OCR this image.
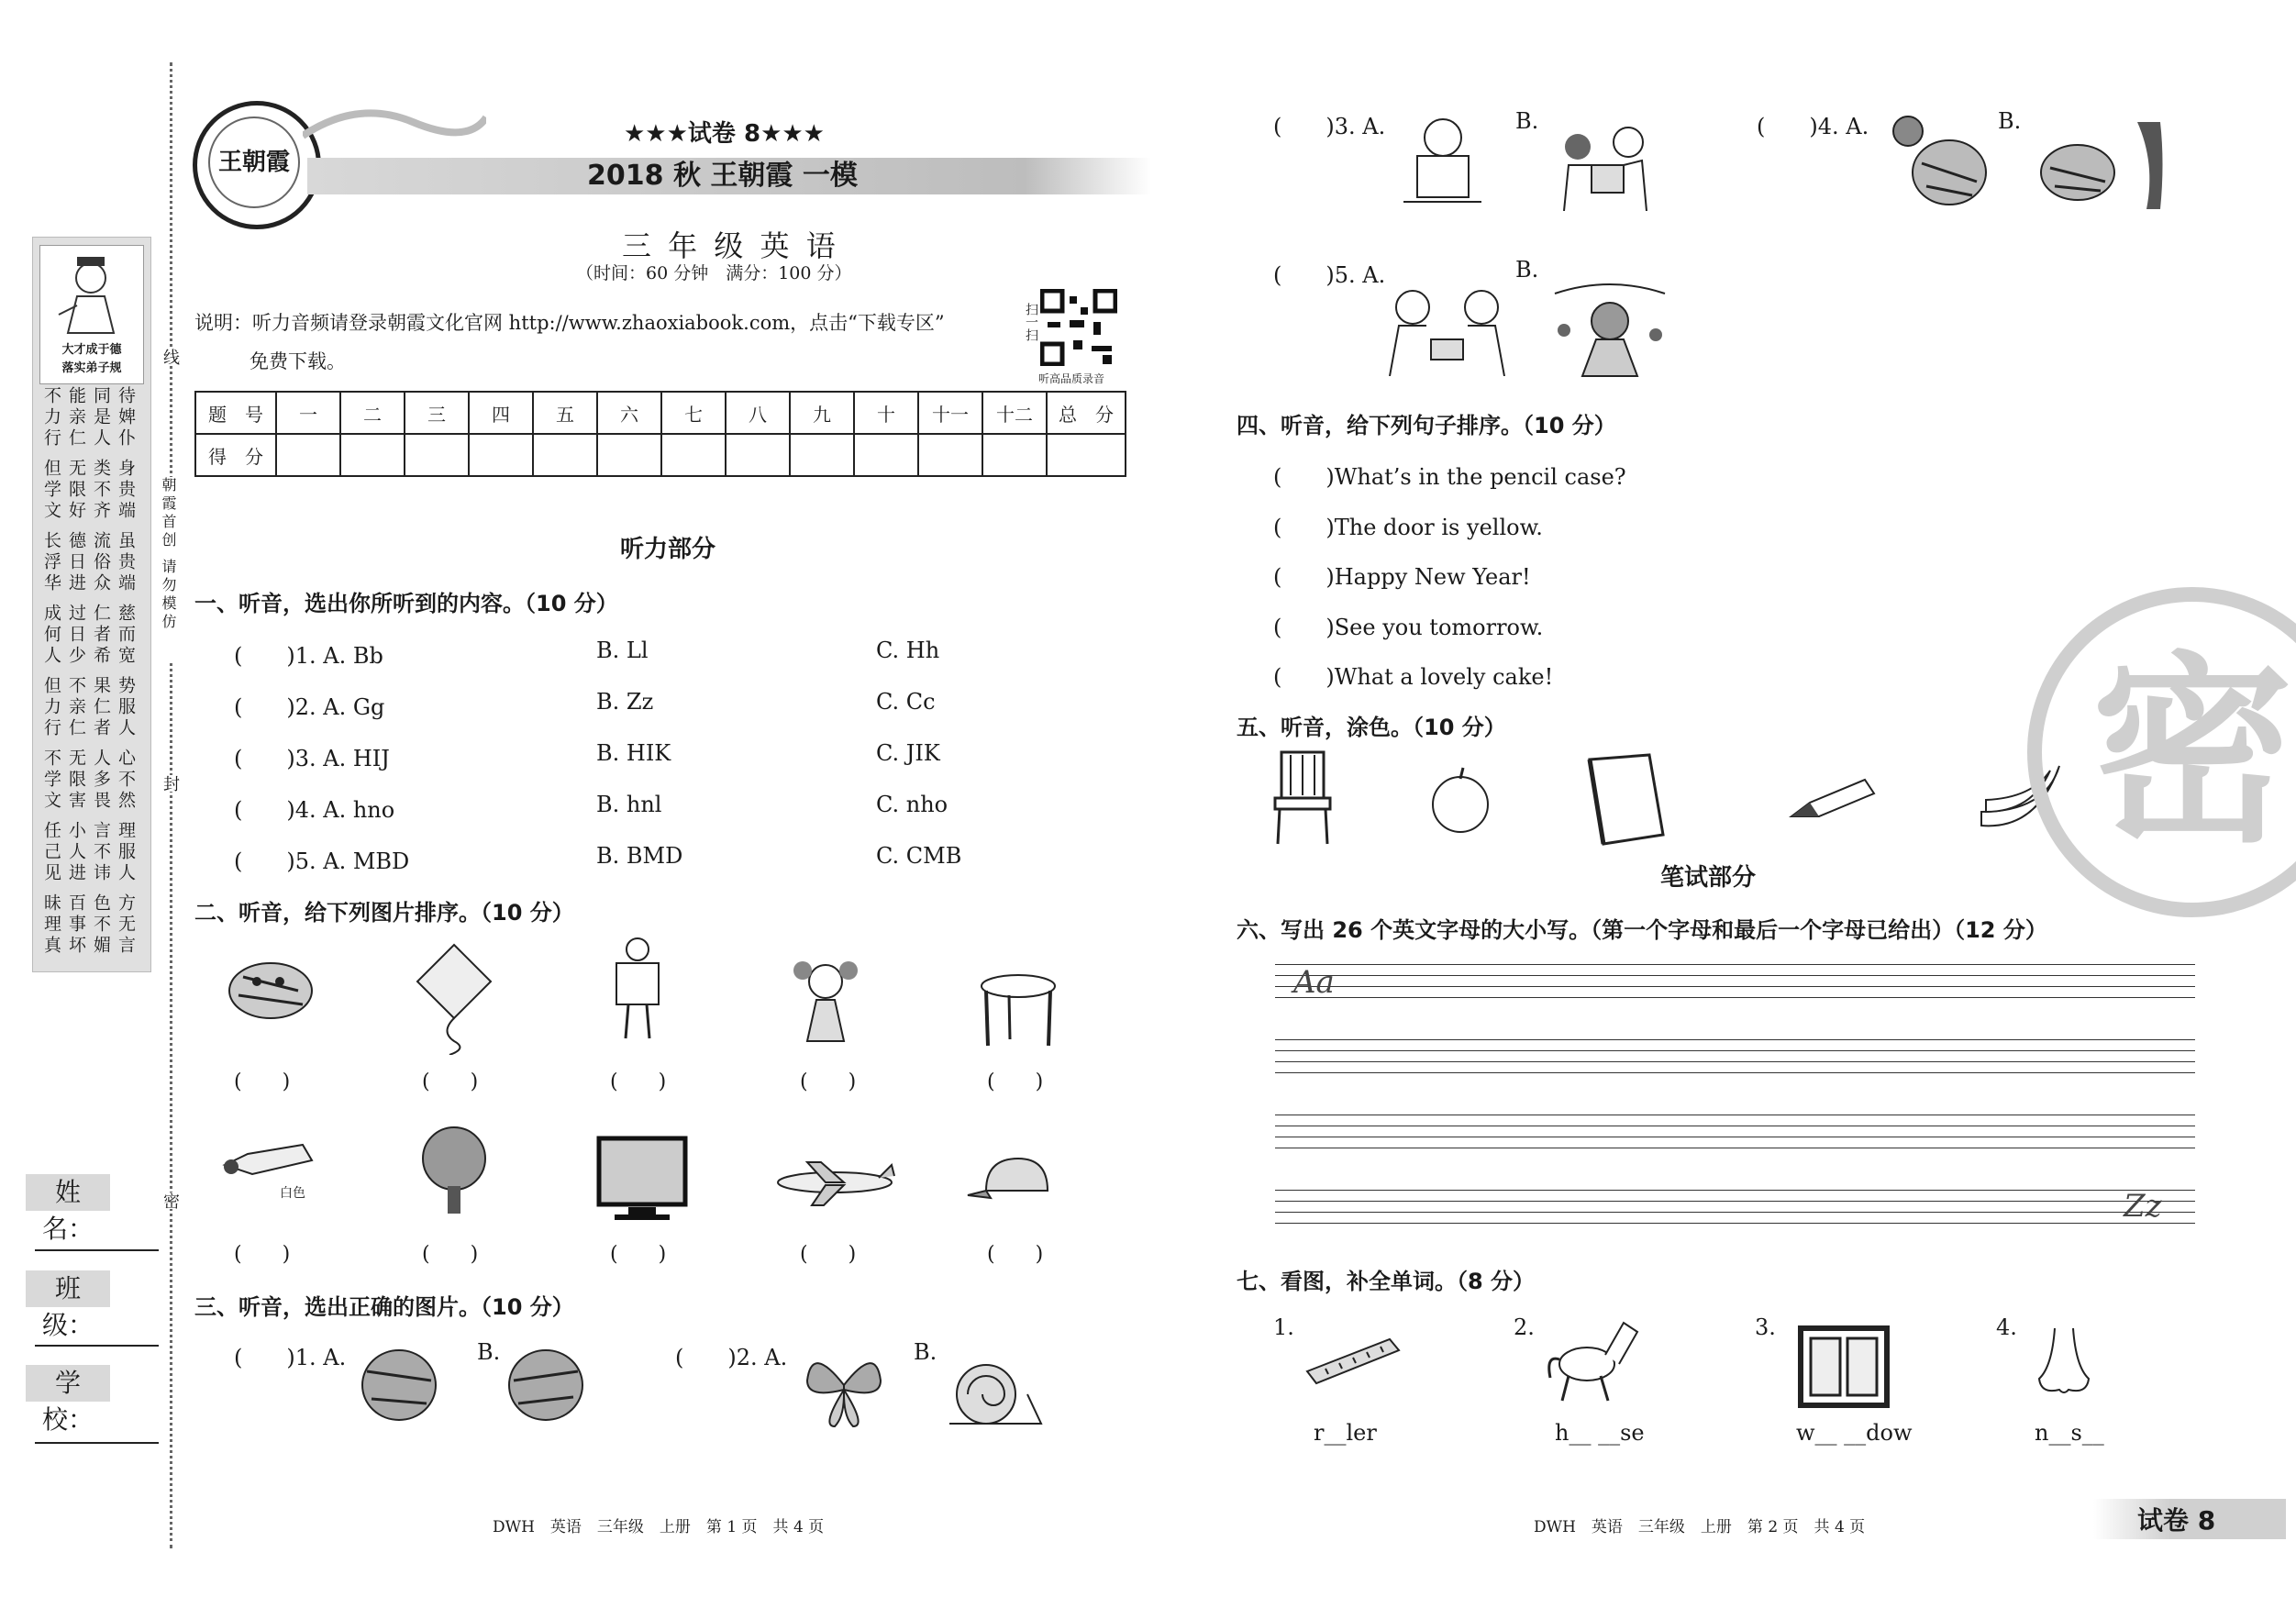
线
朝霞首创 请勿模仿
封
密
大才成于德
落实弟子规
不力行 能亲仁 同是人 待婢仆
但学文 无限好 类不齐 身贵端
长浮华 德日进 流俗众 虽贵端
成何人 过日少 仁者希 慈而宽
但力行 不亲仁 果仁者 势服人
不学文 无限害 人多畏 心不然
任己见 小人进 言不讳 理服人
昧理真 百事坏 色不媚 方无言
姓 名：
班 级：
学 校：
王朝霞
★★★试卷 8★★★
2018 秋 王朝霞 一模
三 年 级 英 语
（时间：60 分钟　满分：100 分）
说明：听力音频请登录朝霞文化官网 http://www.zhaoxiabook.com，点击“下载专区”
免费下载。
扫一扫
听高品质录音
题　号	一	二	三	四	五	六	七	八	九	十	十一	十二	总　分
得　分													
听力部分
一、听音，选出你所听到的内容。（10 分）
(　　)1. A. Bb	B. Ll	C. Hh
(　　)2. A. Gg	B. Zz	C. Cc
(　　)3. A. HIJ	B. HIK	C. JIK
(　　)4. A. hno	B. hnl	C. nho
(　　)5. A. MBD	B. BMD	C. CMB
二、听音，给下列图片排序。（10 分）
(　　)	(　　)	(　　)	(　　)	(　　)
白色
(　　)	(　　)	(　　)	(　　)	(　　)
三、听音，选出正确的图片。（10 分）
(　　)1. A.	B.	(　　)2. A.	B.
DWH　英语　三年级　上册　第 1 页　共 4 页
(　　)3. A.	B.	(　　)4. A.	B.
(　　)5. A.	B.
四、听音，给下列句子排序。（10 分）
(　　)What’s in the pencil case?
(　　)The door is yellow.
(　　)Happy New Year!
(　　)See you tomorrow.
(　　)What a lovely cake!
五、听音，涂色。（10 分）
笔试部分
六、写出 26 个英文字母的大小写。（第一个字母和最后一个字母已给出）（12 分）
Aa
Zz
七、看图，补全单词。（8 分）
1.
r__ler
2.
h__ __se
3.
w__ __dow
4.
n__s__
密
DWH　英语　三年级　上册　第 2 页　共 4 页	试卷 8
